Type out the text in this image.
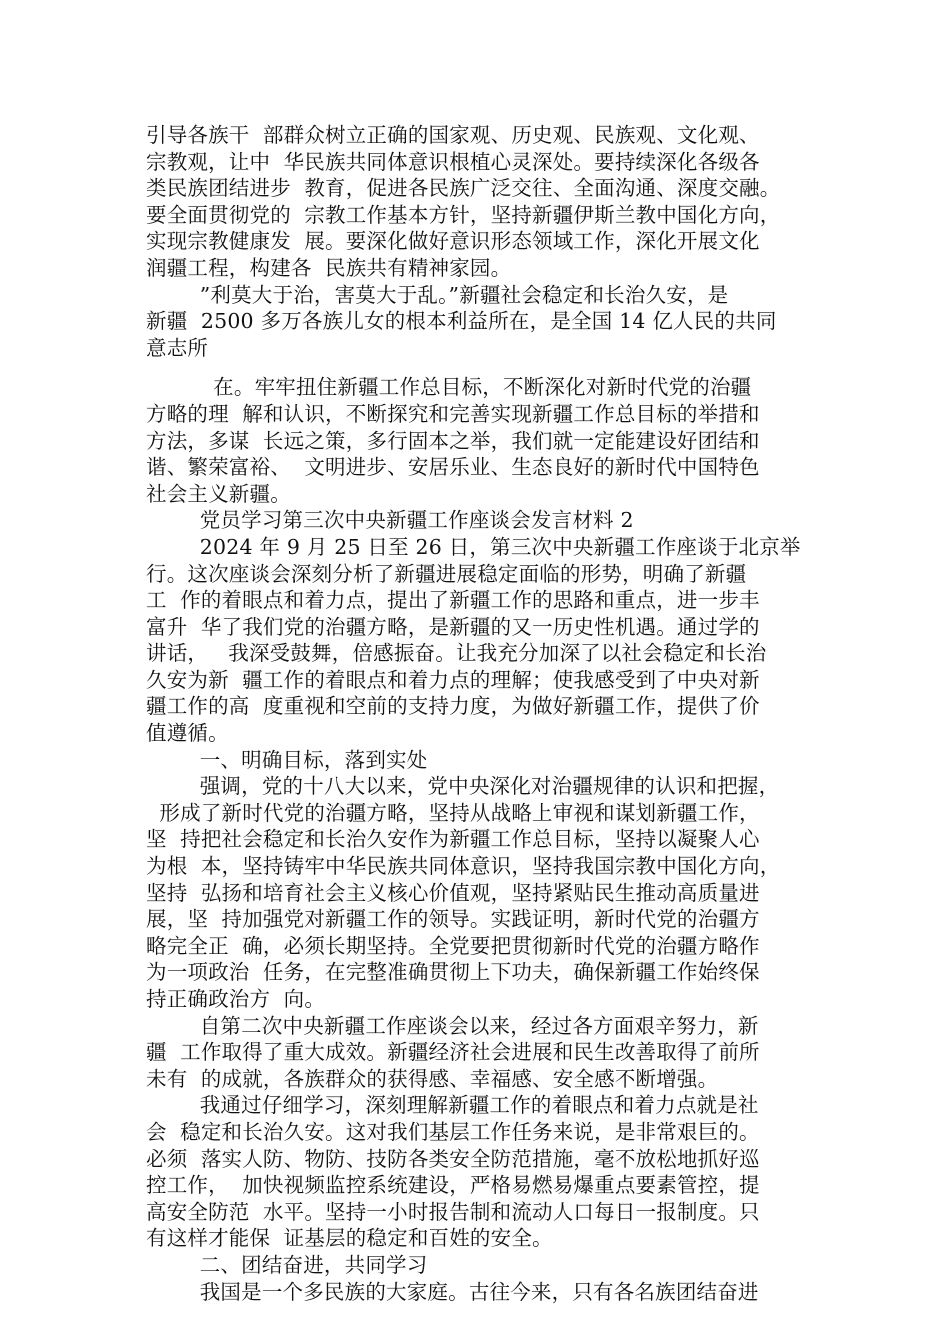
引导各族干  部群众树立正确的国家观、历史观、民族观、文化观、
宗教观，让中  华民族共同体意识根植心灵深处。要持续深化各级各
类民族团结进步  教育，促进各民族广泛交往、全面沟通、深度交融。
要全面贯彻党的  宗教工作基本方针，坚持新疆伊斯兰教中国化方向，
实现宗教健康发  展。要深化做好意识形态领域工作，深化开展文化
润疆工程，构建各  民族共有精神家园。
”利莫大于治，害莫大于乱。”新疆社会稳定和长治久安，是
新疆  2500 多万各族儿女的根本利益所在，是全国 14 亿人民的共同
意志所
在。牢牢扭住新疆工作总目标，不断深化对新时代党的治疆
方略的理  解和认识，不断探究和完善实现新疆工作总目标的举措和
方法，多谋  长远之策，多行固本之举，我们就一定能建设好团结和
谐、繁荣富裕、  文明进步、安居乐业、生态良好的新时代中国特色
社会主义新疆。
党员学习第三次中央新疆工作座谈会发言材料 2
2024 年 9 月 25 日至 26 日，第三次中央新疆工作座谈于北京举
行。这次座谈会深刻分析了新疆进展稳定面临的形势，明确了新疆
工  作的着眼点和着力点，提出了新疆工作的思路和重点，进一步丰
富升  华了我们党的治疆方略，是新疆的又一历史性机遇。通过学的
讲话，   我深受鼓舞，倍感振奋。让我充分加深了以社会稳定和长治
久安为新  疆工作的着眼点和着力点的理解；使我感受到了中央对新
疆工作的高  度重视和空前的支持力度，为做好新疆工作，提供了价
值遵循。
一、明确目标，落到实处
强调，党的十八大以来，党中央深化对治疆规律的认识和把握，
形成了新时代党的治疆方略，坚持从战略上审视和谋划新疆工作，
坚  持把社会稳定和长治久安作为新疆工作总目标，坚持以凝聚人心
为根  本，坚持铸牢中华民族共同体意识，坚持我国宗教中国化方向，
坚持  弘扬和培育社会主义核心价值观，坚持紧贴民生推动高质量进
展，坚  持加强党对新疆工作的领导。实践证明，新时代党的治疆方
略完全正  确，必须长期坚持。全党要把贯彻新时代党的治疆方略作
为一项政治  任务，在完整准确贯彻上下功夫，确保新疆工作始终保
持正确政治方  向。
自第二次中央新疆工作座谈会以来，经过各方面艰辛努力，新
疆  工作取得了重大成效。新疆经济社会进展和民生改善取得了前所
未有  的成就，各族群众的获得感、幸福感、安全感不断增强。
我通过仔细学习，深刻理解新疆工作的着眼点和着力点就是社
会  稳定和长治久安。这对我们基层工作任务来说，是非常艰巨的。
必须  落实人防、物防、技防各类安全防范措施，毫不放松地抓好巡
控工作，  加快视频监控系统建设，严格易燃易爆重点要素管控，提
高安全防范  水平。坚持一小时报告制和流动人口每日一报制度。只
有这样才能保  证基层的稳定和百姓的安全。
二、团结奋进，共同学习
我国是一个多民族的大家庭。古往今来，只有各名族团结奋进
